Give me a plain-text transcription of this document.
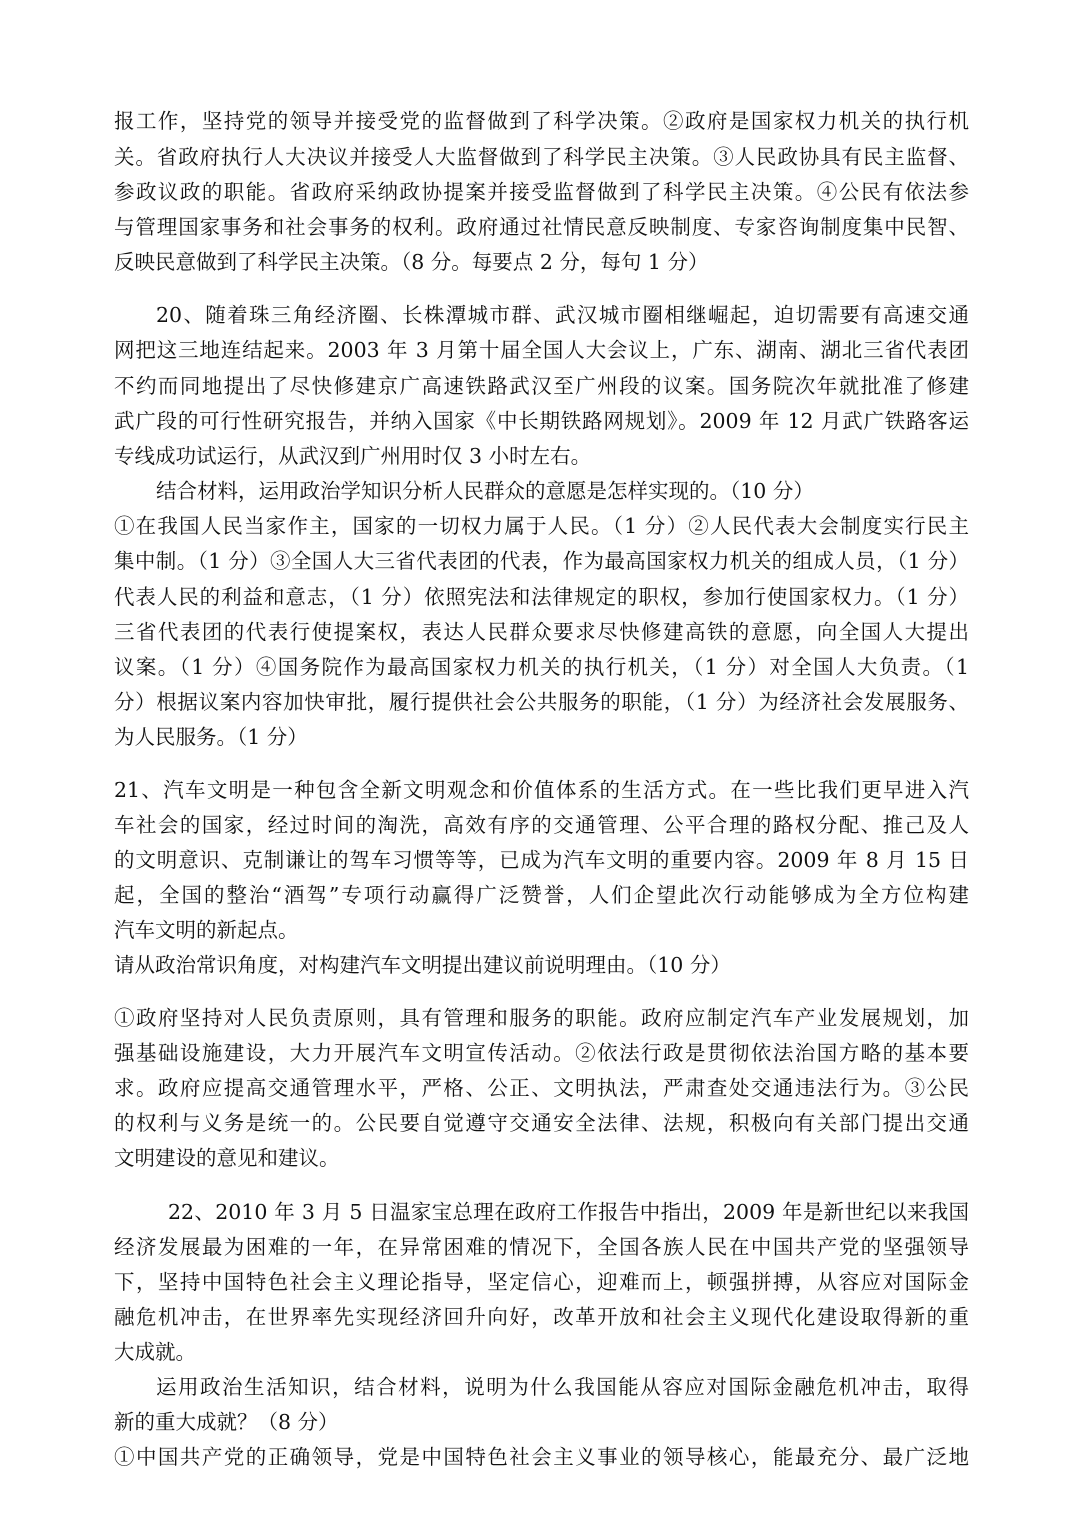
报工作，坚持党的领导并接受党的监督做到了科学决策。②政府是国家权力机关的执行机
关。省政府执行人大决议并接受人大监督做到了科学民主决策。③人民政协具有民主监督、
参政议政的职能。省政府采纳政协提案并接受监督做到了科学民主决策。④公民有依法参
与管理国家事务和社会事务的权利。政府通过社情民意反映制度、专家咨询制度集中民智、
反映民意做到了科学民主决策。（8 分。每要点 2 分，每句 1 分）
20、随着珠三角经济圈、长株潭城市群、武汉城市圈相继崛起，迫切需要有高速交通
网把这三地连结起来。2003 年 3 月第十届全国人大会议上，广东、湖南、湖北三省代表团
不约而同地提出了尽快修建京广高速铁路武汉至广州段的议案。国务院次年就批准了修建
武广段的可行性研究报告，并纳入国家《中长期铁路网规划》。2009 年 12 月武广铁路客运
专线成功试运行，从武汉到广州用时仅 3 小时左右。
结合材料，运用政治学知识分析人民群众的意愿是怎样实现的。（10 分）
①在我国人民当家作主，国家的一切权力属于人民。（1 分）②人民代表大会制度实行民主
集中制。（1 分）③全国人大三省代表团的代表，作为最高国家权力机关的组成人员，（1 分）
代表人民的利益和意志，（1 分）依照宪法和法律规定的职权，参加行使国家权力。（1 分）
三省代表团的代表行使提案权，表达人民群众要求尽快修建高铁的意愿，向全国人大提出
议案。（1 分）④国务院作为最高国家权力机关的执行机关，（1 分）对全国人大负责。（1
分）根据议案内容加快审批，履行提供社会公共服务的职能，（1 分）为经济社会发展服务、
为人民服务。（1 分）
21、汽车文明是一种包含全新文明观念和价值体系的生活方式。在一些比我们更早进入汽
车社会的国家，经过时间的淘洗，高效有序的交通管理、公平合理的路权分配、推己及人
的文明意识、克制谦让的驾车习惯等等，已成为汽车文明的重要内容。2009 年 8 月 15 日
起，全国的整治“酒驾”专项行动赢得广泛赞誉，人们企望此次行动能够成为全方位构建
汽车文明的新起点。
请从政治常识角度，对构建汽车文明提出建议前说明理由。（10 分）
①政府坚持对人民负责原则，具有管理和服务的职能。政府应制定汽车产业发展规划，加
强基础设施建设，大力开展汽车文明宣传活动。②依法行政是贯彻依法治国方略的基本要
求。政府应提高交通管理水平，严格、公正、文明执法，严肃查处交通违法行为。③公民
的权利与义务是统一的。公民要自觉遵守交通安全法律、法规，积极向有关部门提出交通
文明建设的意见和建议。
22、2010 年 3 月 5 日温家宝总理在政府工作报告中指出，2009 年是新世纪以来我国
经济发展最为困难的一年，在异常困难的情况下，全国各族人民在中国共产党的坚强领导
下，坚持中国特色社会主义理论指导，坚定信心，迎难而上，顿强拼搏，从容应对国际金
融危机冲击，在世界率先实现经济回升向好，改革开放和社会主义现代化建设取得新的重
大成就。
运用政治生活知识，结合材料，说明为什么我国能从容应对国际金融危机冲击，取得
新的重大成就？（8 分）
①中国共产党的正确领导，党是中国特色社会主义事业的领导核心，能最充分、最广泛地
